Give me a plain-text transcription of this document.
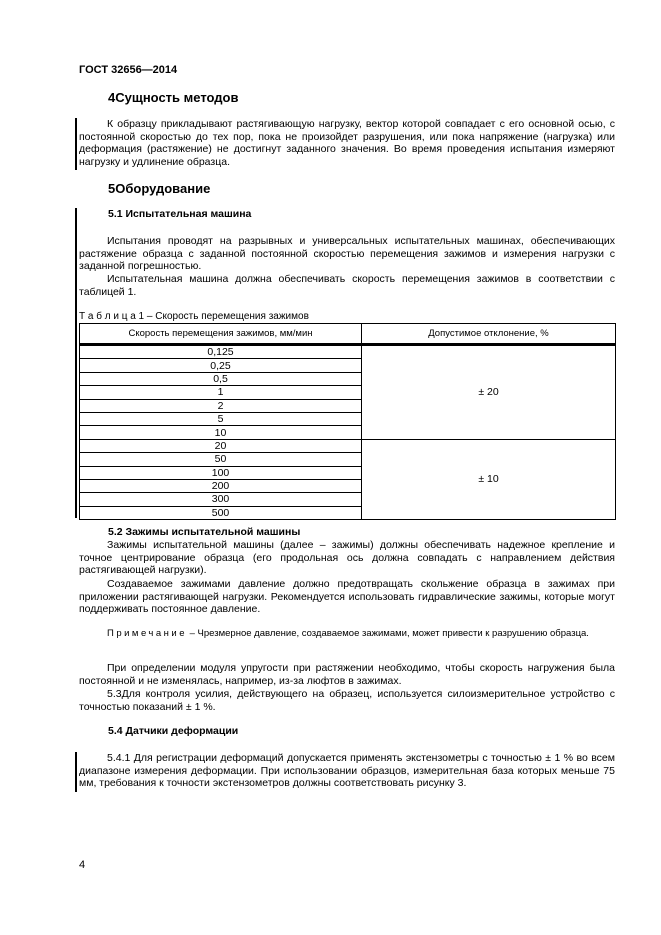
ГОСТ 32656—2014
4Сущность методов
К образцу прикладывают растягивающую нагрузку, вектор которой совпадает с его основной осью, с постоянной скоростью до тех пор, пока не произойдет разрушения, или пока напряжение (нагрузка) или деформация (растяжение) не достигнут заданного значения. Во время проведения испытания измеряют нагрузку и удлинение образца.
5Оборудование
5.1 Испытательная машина
Испытания проводят на разрывных и универсальных испытательных машинах, обеспечивающих растяжение образца с заданной постоянной скоростью перемещения зажимов и измерения нагрузки с заданной погрешностью.
Испытательная машина должна обеспечивать скорость перемещения зажимов в соответствии с таблицей 1.
Т а б л и ц а 1 – Скорость перемещения зажимов
Скорость перемещения зажимов, мм/мин	Допустимое отклонение, %
0,125	± 20
0,25	
0,5	
1	
2	
5	
10	
20	± 10
50	
100	
200	
300	
500	
5.2 Зажимы испытательной машины
Зажимы испытательной машины (далее – зажимы) должны обеспечивать надежное крепление и точное центрирование образца (его продольная ось должна совпадать с направлением действия растягивающей нагрузки).
Создаваемое зажимами давление должно предотвращать скольжение образца в зажимах при приложении растягивающей нагрузки. Рекомендуется использовать гидравлические зажимы, которые могут поддерживать постоянное давление.
Примечание – Чрезмерное давление, создаваемое зажимами, может привести к разрушению образца.
При определении модуля упругости при растяжении необходимо, чтобы скорость нагружения была постоянной и не изменялась, например, из-за люфтов в зажимах.
5.3Для контроля усилия, действующего на образец, используется силоизмерительное устройство с точностью показаний ± 1 %.
5.4 Датчики деформации
5.4.1 Для регистрации деформаций допускается применять экстензометры с точностью ± 1 % во всем диапазоне измерения деформации. При использовании образцов, измерительная база которых меньше 75 мм, требования к точности экстензометров должны соответствовать рисунку 3.
4
